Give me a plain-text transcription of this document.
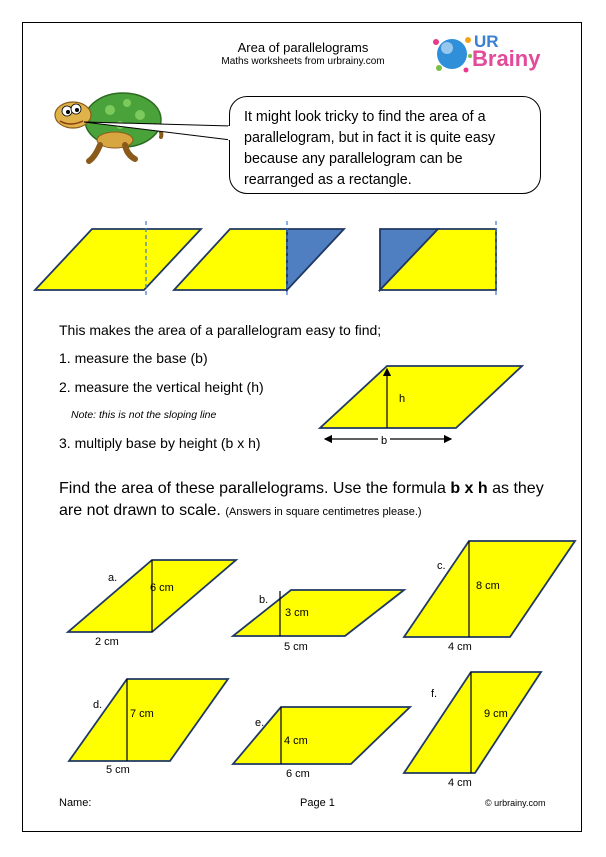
Area of parallelograms
Maths worksheets from urbrainy.com
UR
Brainy
It might look tricky to find the area of a parallelogram, but in fact it is quite easy because any parallelogram can be rearranged as a rectangle.
This makes the area of a parallelogram easy to find;
1. measure the base (b)
2. measure the vertical height (h)
Note: this is not the sloping line
3. multiply base by height (b x h)
h
b
Find the area of these parallelograms. Use the formula b x h as they
are not drawn to scale. (Answers in square centimetres please.)
a.
6 cm
2 cm
b.
3 cm
5 cm
c.
8 cm
4 cm
d.
7 cm
5 cm
e.
4 cm
6 cm
f.
9 cm
4 cm
Name:	Page 1	© urbrainy.com
